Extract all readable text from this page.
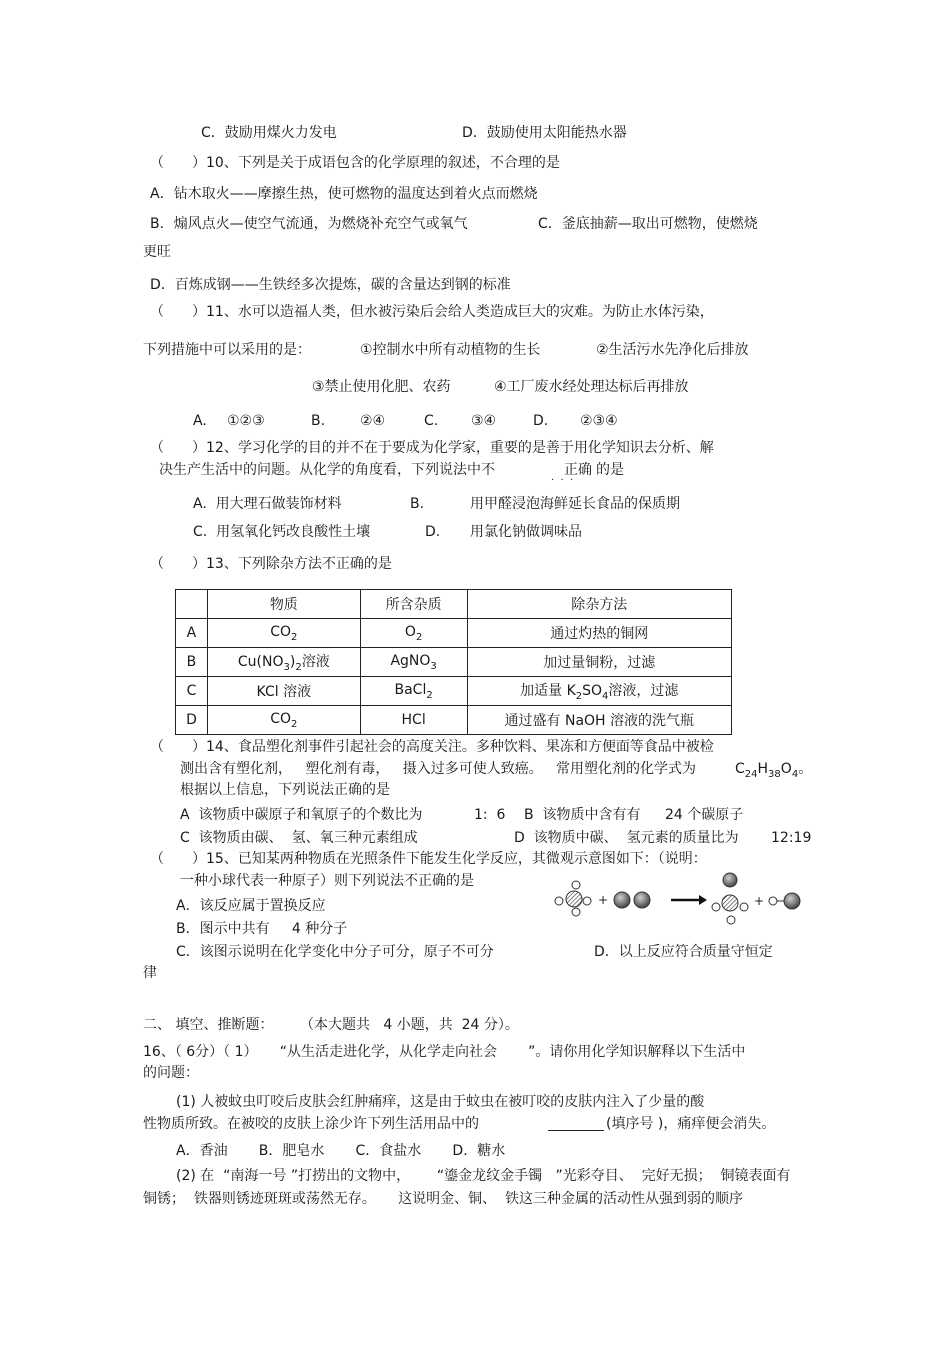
C．鼓励用煤火力发电	D．鼓励使用太阳能热水器
（　　）10、下列是关于成语包含的化学原理的叙述，不合理的是
A．钻木取火——摩擦生热，使可燃物的温度达到着火点而燃烧
B．煽风点火—使空气流通，为燃烧补充空气或氧气	C．釜底抽薪—取出可燃物，使燃烧
更旺
D．百炼成钢——生铁经多次提炼，碳的含量达到钢的标准
（　　）11、水可以造福人类，但水被污染后会给人类造成巨大的灾难。为防止水体污染，
下列措施中可以采用的是：	①控制水中所有动植物的生长	②生活污水先净化后排放
③禁止使用化肥、农药	④工厂废水经处理达标后再排放
A. ①②③	B. ②④	C. ③④	D. ②③④
（　　）12、学习化学的目的并不在于要成为化学家，重要的是善于用化学知识去分析、解
决生产生活中的问题。从化学的角度看，下列说法中不	正确 的是
·  ·  ·
A.  用大理石做装饰材料	B.	用甲醛浸泡海鲜延长食品的保质期
C.  用氢氧化钙改良酸性土壤	D. 用氯化钠做调味品
（　　）13、下列除杂方法不正确的是
	物质	所含杂质	除杂方法
A	$CO_2$	$O_2$	通过灼热的铜网
B	$Cu(NO_3)_2$溶液	AgNO$_3$	加过量铜粉，过滤
C	KCl 溶液	BaCl$_2$	加适量 $K_2SO_4$溶液，过滤
D	$CO_2$	HCl	通过盛有 NaOH 溶液的洗气瓶
（　　）14、食品塑化剂事件引起社会的高度关注。多种饮料、果冻和方便面等食品中被检
测出含有塑化剂，   塑化剂有毒，   摄入过多可使人致癌。   常用塑化剂的化学式为	$C_{24}H_{38}O_4$。
根据以上信息，下列说法正确的是
A  该物质中碳原子和氧原子的个数比为	1:  6 B  该物质中含有有 24 个碳原子
C  该物质由碳、  氢、氧三种元素组成	D  该物质中碳、  氢元素的质量比为 12:19
（　　）15、已知某两种物质在光照条件下能发生化学反应，其微观示意图如下：（说明：
一种小球代表一种原子）则下列说法不正确的是
A．该反应属于置换反应
B．图示中共有     4 种分子
C．该图示说明在化学变化中分子可分，原子不可分	D．以上反应符合质量守恒定
律
+	+
二、 填空、推断题： （本大题共   4 小题，共  24 分）。
16、（ 6分）（ 1）     “从生活走进化学，从化学走向社会       ”。请你用化学知识解释以下生活中
的问题：
(1) 人被蚊虫叮咬后皮肤会红肿痛痒，这是由于蚊虫在被叮咬的皮肤内注入了少量的酸
性物质所致。在被咬的皮肤上涂少许下列生活用品中的	(填序号 )，痛痒便会消失。
A．香油       B．肥皂水       C．食盐水       D．糖水
(2) 在  “南海一号 ”打捞出的文物中，      “鎏金龙纹金手镯   ”光彩夺目、  完好无损；  铜镜表面有
铜锈；  铁器则锈迹斑斑或荡然无存。     这说明金、铜、  铁这三种金属的活动性从强到弱的顺序
